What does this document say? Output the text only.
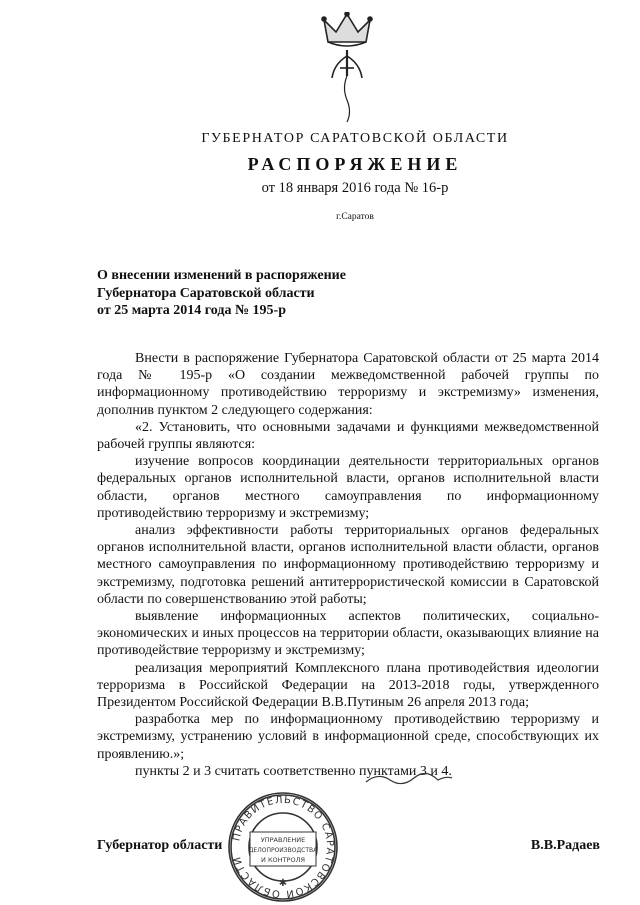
ГУБЕРНАТОР САРАТОВСКОЙ ОБЛАСТИ
РАСПОРЯЖЕНИЕ
от 18 января 2016 года № 16-р
г.Саратов
О внесении изменений в распоряжение
Губернатора Саратовской области
от 25 марта 2014 года № 195-р

Внести в распоряжение Губернатора Саратовской области от 25 марта 2014 года № 195-р «О создании межведомственной рабочей группы по информационному противодействию терроризму и экстремизму» изменения, дополнив пунктом 2 следующего содержания:

«2. Установить, что основными задачами и функциями межведомственной рабочей группы являются:

изучение вопросов координации деятельности территориальных органов федеральных органов исполнительной власти, органов исполнительной власти области, органов местного самоуправления по информационному противодействию терроризму и экстремизму;

анализ эффективности работы территориальных органов федеральных органов исполнительной власти, органов исполнительной власти области, органов местного самоуправления по информационному противодействию терроризму и экстремизму, подготовка решений антитеррористической комиссии в Саратовской области по совершенствованию этой работы;

выявление информационных аспектов политических, социально-экономических и иных процессов на территории области, оказывающих влияние на противодействие терроризму и экстремизму;

реализация мероприятий Комплексного плана противодействия идеологии терроризма в Российской Федерации на 2013-2018 годы, утвержденного Президентом Российской Федерации В.В.Путиным 26 апреля 2013 года;

разработка мер по информационному противодействию терроризму и экстремизму, устранению условий в информационной среде, способствующих их проявлению.»;

пункты 2 и 3 считать соответственно пунктами 3 и 4.

Губернатор области	В.В.Радаев
ПРАВИТЕЛЬСТВО САРАТОВСКОЙ ОБЛАСТИ
УПРАВЛЕНИЕ
ДЕЛОПРОИЗВОДСТВА
И КОНТРОЛЯ
✱
